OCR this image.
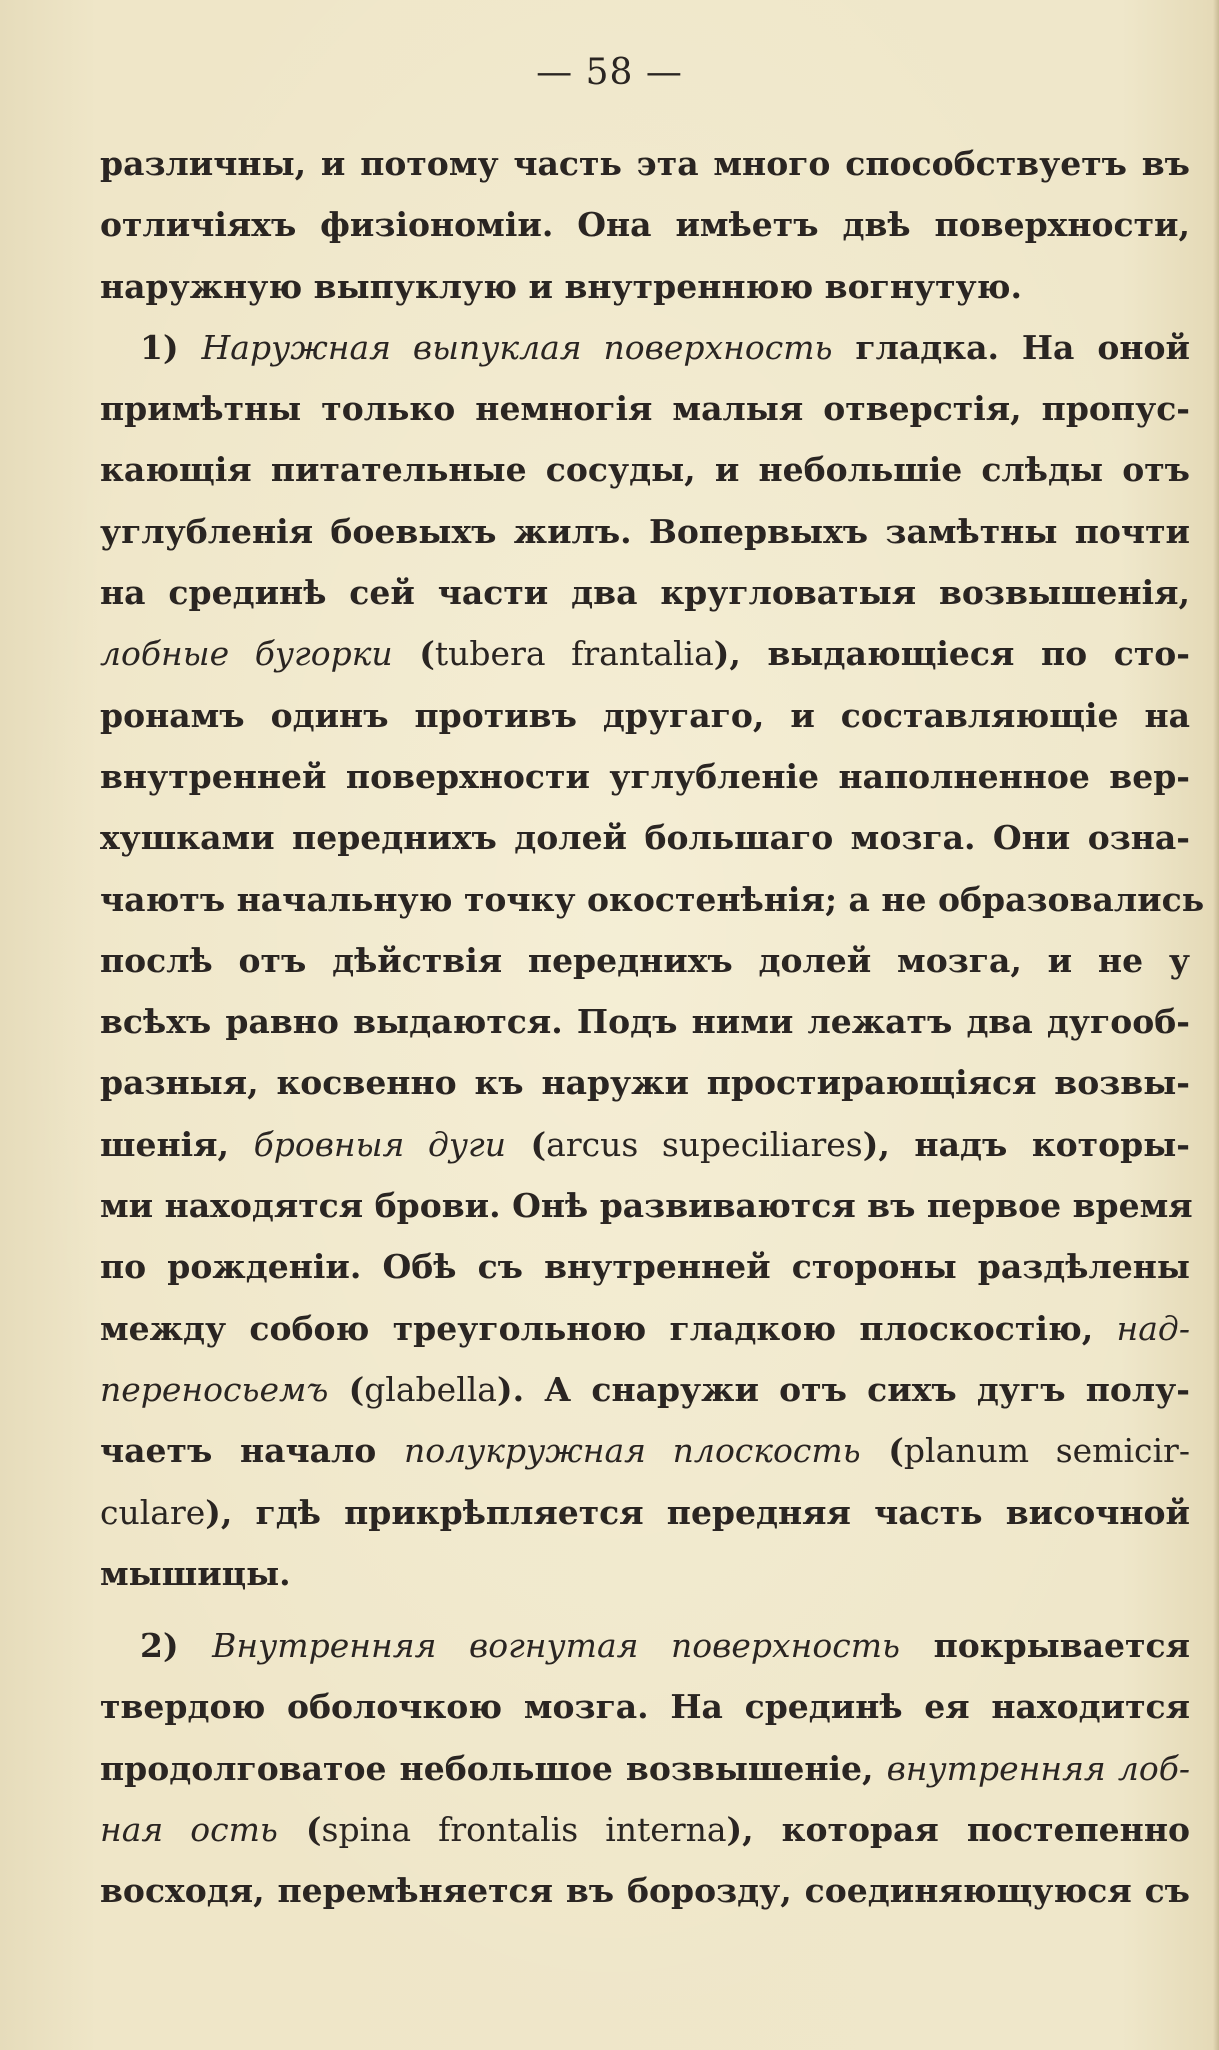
— 58 —
различны, и потому часть эта много способствуетъ въ
отличіяхъ физіономіи. Она имѣетъ двѣ поверхности,
наружную выпуклую и внутреннюю вогнутую.
1) Наружная выпуклая поверхность гладка. На оной
примѣтны только немногія малыя отверстія, пропус-
кающія питательные сосуды, и небольшіе слѣды отъ
углубленія боевыхъ жилъ. Вопервыхъ замѣтны почти
на срединѣ сей части два кругловатыя возвышенія,
лобные бугорки (tubera frantalia), выдающіеся по сто-
ронамъ одинъ противъ другаго, и составляющіе на
внутренней поверхности углубленіе наполненное вер-
хушками переднихъ долей большаго мозга. Они озна-
чаютъ начальную точку окостенѣнія; а не образовались
послѣ отъ дѣйствія переднихъ долей мозга, и не у
всѣхъ равно выдаются. Подъ ними лежатъ два дугооб-
разныя, косвенно къ наружи простирающіяся возвы-
шенія, бровныя дуги (arcus supeciliares), надъ которы-
ми находятся брови. Онѣ развиваются въ первое время
по рожденіи. Обѣ съ внутренней стороны раздѣлены
между собою треугольною гладкою плоскостію, над-
переносьемъ (glabella). А снаружи отъ сихъ дугъ полу-
чаетъ начало полукружная плоскость (planum semicir-
culare), гдѣ прикрѣпляется передняя часть височной
мышицы.
2) Внутренняя вогнутая поверхность покрывается
твердою оболочкою мозга. На срединѣ ея находится
продолговатое небольшое возвышеніе, внутренняя лоб-
ная ость (spina frontalis interna), которая постепенно
восходя, перемѣняется въ борозду, соединяющуюся съ
